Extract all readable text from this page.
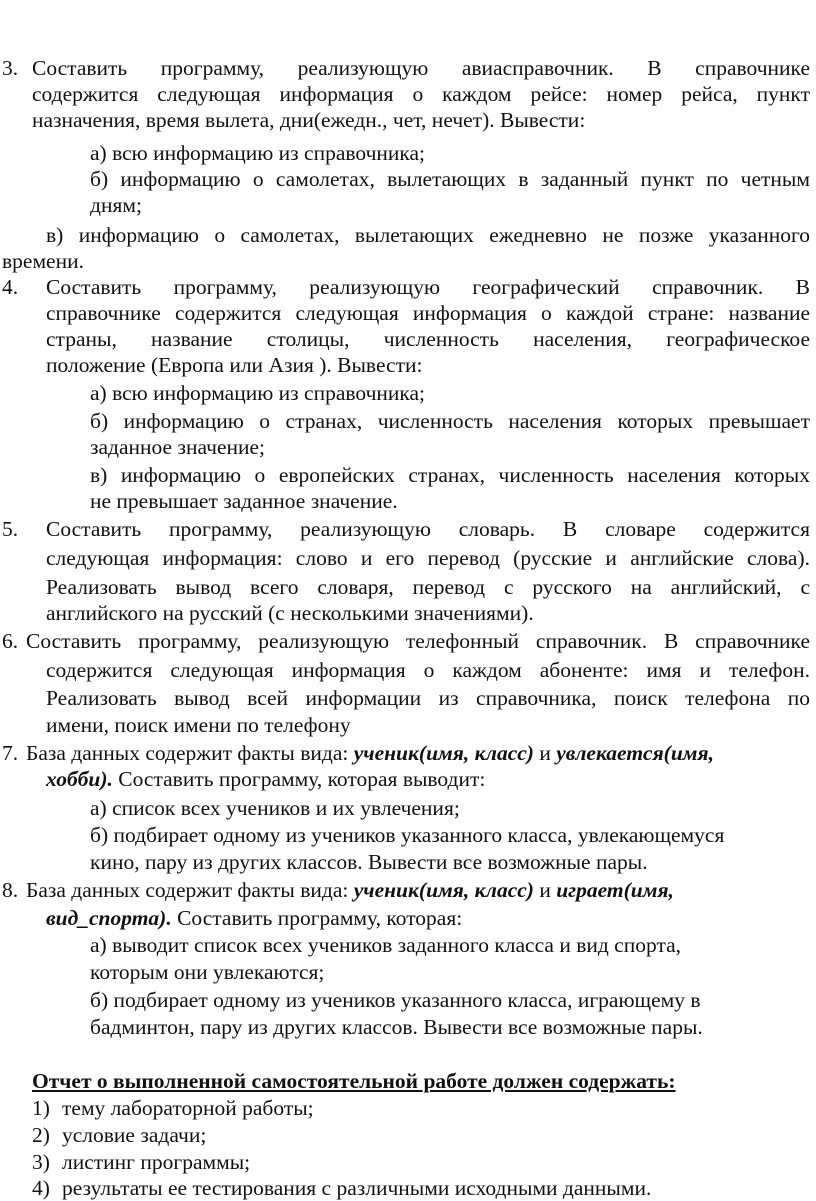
3. Составить программу, реализующую авиасправочник. В справочнике
содержится следующая информация о каждом рейсе: номер рейса, пункт
назначения, время вылета, дни(ежедн., чет, нечет). Вывести:
а) всю информацию из справочника;
б) информацию о самолетах, вылетающих в заданный пункт по четным
дням;
в) информацию о самолетах, вылетающих ежедневно не позже указанного
времени.
4. Составить программу, реализующую географический справочник. В
справочнике содержится следующая информация о каждой стране: название
страны, название столицы, численность населения, географическое
положение (Европа или Азия ). Вывести:
а) всю информацию из справочника;
б) информацию о странах, численность населения которых превышает
заданное значение;
в) информацию о европейских странах, численность населения которых
не превышает заданное значение.
5. Составить программу, реализующую словарь. В словаре содержится
следующая информация: слово и его перевод (русские и английские слова).
Реализовать вывод всего словаря, перевод с русского на английский, с
английского на русский (с несколькими значениями).
6. Составить программу, реализующую телефонный справочник. В справочнике
содержится следующая информация о каждом абоненте: имя и телефон.
Реализовать вывод всей информации из справочника, поиск телефона по
имени, поиск имени по телефону
7. База данных содержит факты вида: ученик(имя, класс) и увлекается(имя,
хобби). Составить программу, которая выводит:
а) список всех учеников и их увлечения;
б) подбирает одному из учеников указанного класса, увлекающемуся
кино, пару из других классов. Вывести все возможные пары.
8. База данных содержит факты вида: ученик(имя, класс) и играет(имя,
вид_спорта). Составить программу, которая:
а) выводит список всех учеников заданного класса и вид спорта,
которым они увлекаются;
б) подбирает одному из учеников указанного класса, играющему в
бадминтон, пару из других классов. Вывести все возможные пары.
Отчет о выполненной самостоятельной работе должен содержать:
1) тему лабораторной работы;
2) условие задачи;
3) листинг программы;
4) результаты ее тестирования с различными исходными данными.
